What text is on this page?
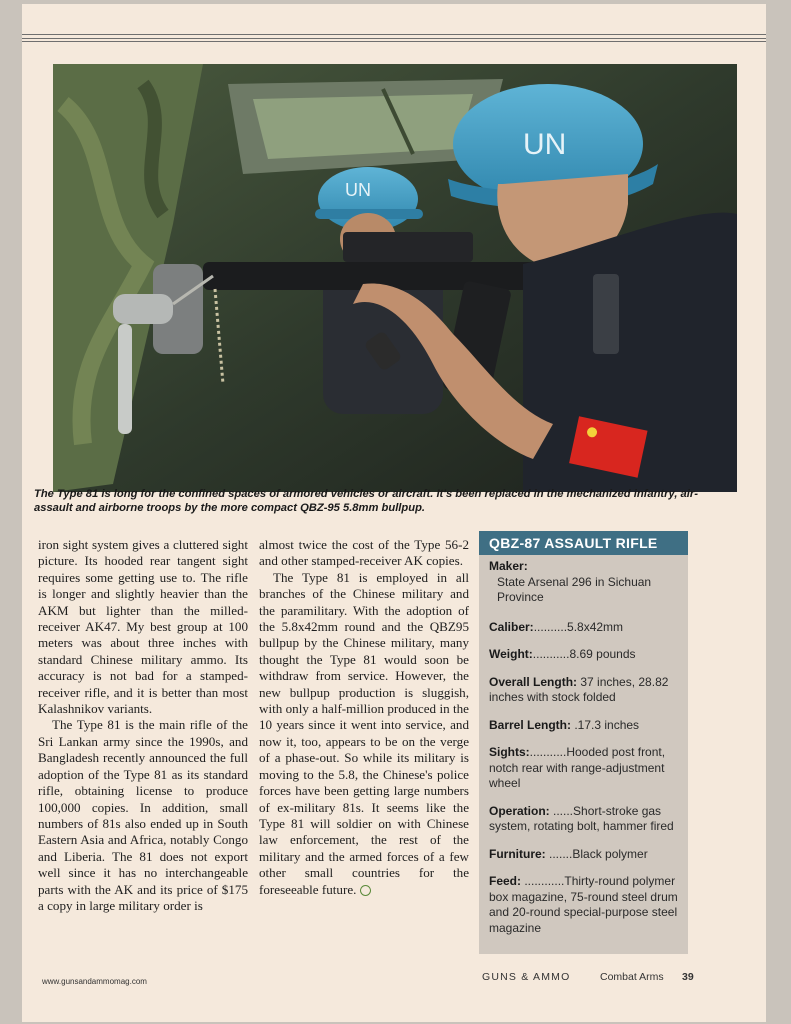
UN
UN
The Type 81 is long for the confined spaces of armored vehicles or aircraft. It's been replaced in the mechanized infantry, air-assault and airborne troops by the more compact QBZ-95 5.8mm bullpup.

iron sight system gives a cluttered sight picture. Its hooded rear tangent sight requires some getting use to. The rifle is longer and slightly heavier than the AKM but lighter than the milled-receiver AK47. My best group at 100 meters was about three inches with standard Chinese military ammo. Its accuracy is not bad for a stamped-receiver rifle, and it is better than most Kalashnikov variants.

The Type 81 is the main rifle of the Sri Lankan army since the 1990s, and Bangladesh recently announced the full adoption of the Type 81 as its standard rifle, obtaining license to produce 100,000 copies. In addition, small numbers of 81s also ended up in South Eastern Asia and Africa, notably Congo and Liberia. The 81 does not export well since it has no interchangeable parts with the AK and its price of $175 a copy in large military order is

almost twice the cost of the Type 56-2 and other stamped-receiver AK copies.

The Type 81 is employed in all branches of the Chinese military and the paramilitary. With the adoption of the 5.8x42mm round and the QBZ95 bullpup by the Chinese military, many thought the Type 81 would soon be withdraw from service. However, the new bullpup production is sluggish, with only a half-million produced in the 10 years since it went into service, and now it, too, appears to be on the verge of a phase-out. So while its military is moving to the 5.8, the Chinese's police forces have been getting large numbers of ex-military 81s. It seems like the Type 81 will soldier on with Chinese law enforcement, the rest of the military and the armed forces of a few other small countries for the foreseeable future.

QBZ-87 ASSAULT RIFLE
Maker:
State Arsenal 296 in Sichuan Province
Caliber:..........5.8x42mm
Weight:...........8.69 pounds
Overall Length: 37 inches, 28.82 inches with stock folded
Barrel Length: .17.3 inches
Sights:...........Hooded post front, notch rear with range-adjustment wheel
Operation: ......Short-stroke gas system, rotating bolt, hammer fired
Furniture: .......Black polymer
Feed: ............Thirty-round polymer box magazine, 75-round steel drum and 20-round special-purpose steel magazine
www.gunsandammomag.com	GUNS & AMMO	Combat Arms 39
